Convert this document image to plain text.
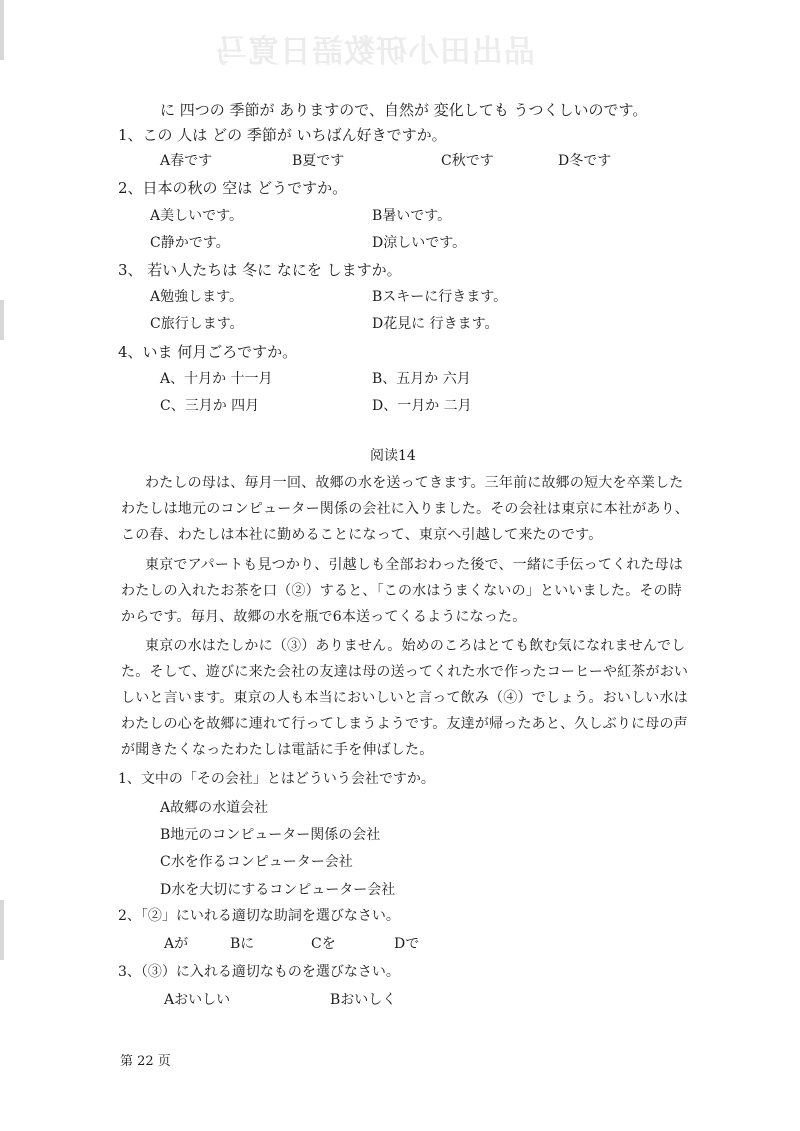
品出田小研数語日寛马
に 四つの 季節が ありますので、自然が 変化しても うつくしいのです。
1、この 人は どの 季節が いちばん好きですか。
A春です	B夏です	C秋です	D冬です
2、日本の秋の 空は どうですか。
A美しいです。	B暑いです。
C静かです。	D涼しいです。
3、 若い人たちは 冬に なにを しますか。
A勉強します。	Bスキーに行きます。
C旅行します。	D花見に 行きます。
4、いま 何月ごろですか。
A、十月か 十一月	B、五月か 六月
C、三月か 四月	D、一月か 二月
阅读14
わたしの母は、毎月一回、故郷の水を送ってきます。三年前に故郷の短大を卒業した
わたしは地元のコンピューター関係の会社に入りました。その会社は東京に本社があり、
この春、わたしは本社に勤めることになって、東京へ引越して来たのです。
東京でアパートも見つかり、引越しも全部おわった後で、一緒に手伝ってくれた母は
わたしの入れたお茶を口（②）すると、「この水はうまくないの」といいました。その時
からです。毎月、故郷の水を瓶で6本送ってくるようになった。
東京の水はたしかに（③）ありません。始めのころはとても飲む気になれませんでし
た。そして、遊びに来た会社の友達は母の送ってくれた水で作ったコーヒーや紅茶がおい
しいと言います。東京の人も本当においしいと言って飲み（④）でしょう。おいしい水は
わたしの心を故郷に連れて行ってしまうようです。友達が帰ったあと、久しぶりに母の声
が聞きたくなったわたしは電話に手を伸ばした。
1、文中の「その会社」とはどういう会社ですか。
A故郷の水道会社
B地元のコンピューター関係の会社
C水を作るコンピューター会社
D水を大切にするコンピューター会社
2、「②」にいれる適切な助詞を選びなさい。
Aが	Bに	Cを	Dで
3、（③）に入れる適切なものを選びなさい。
Aおいしい	Bおいしく
第 22 页
